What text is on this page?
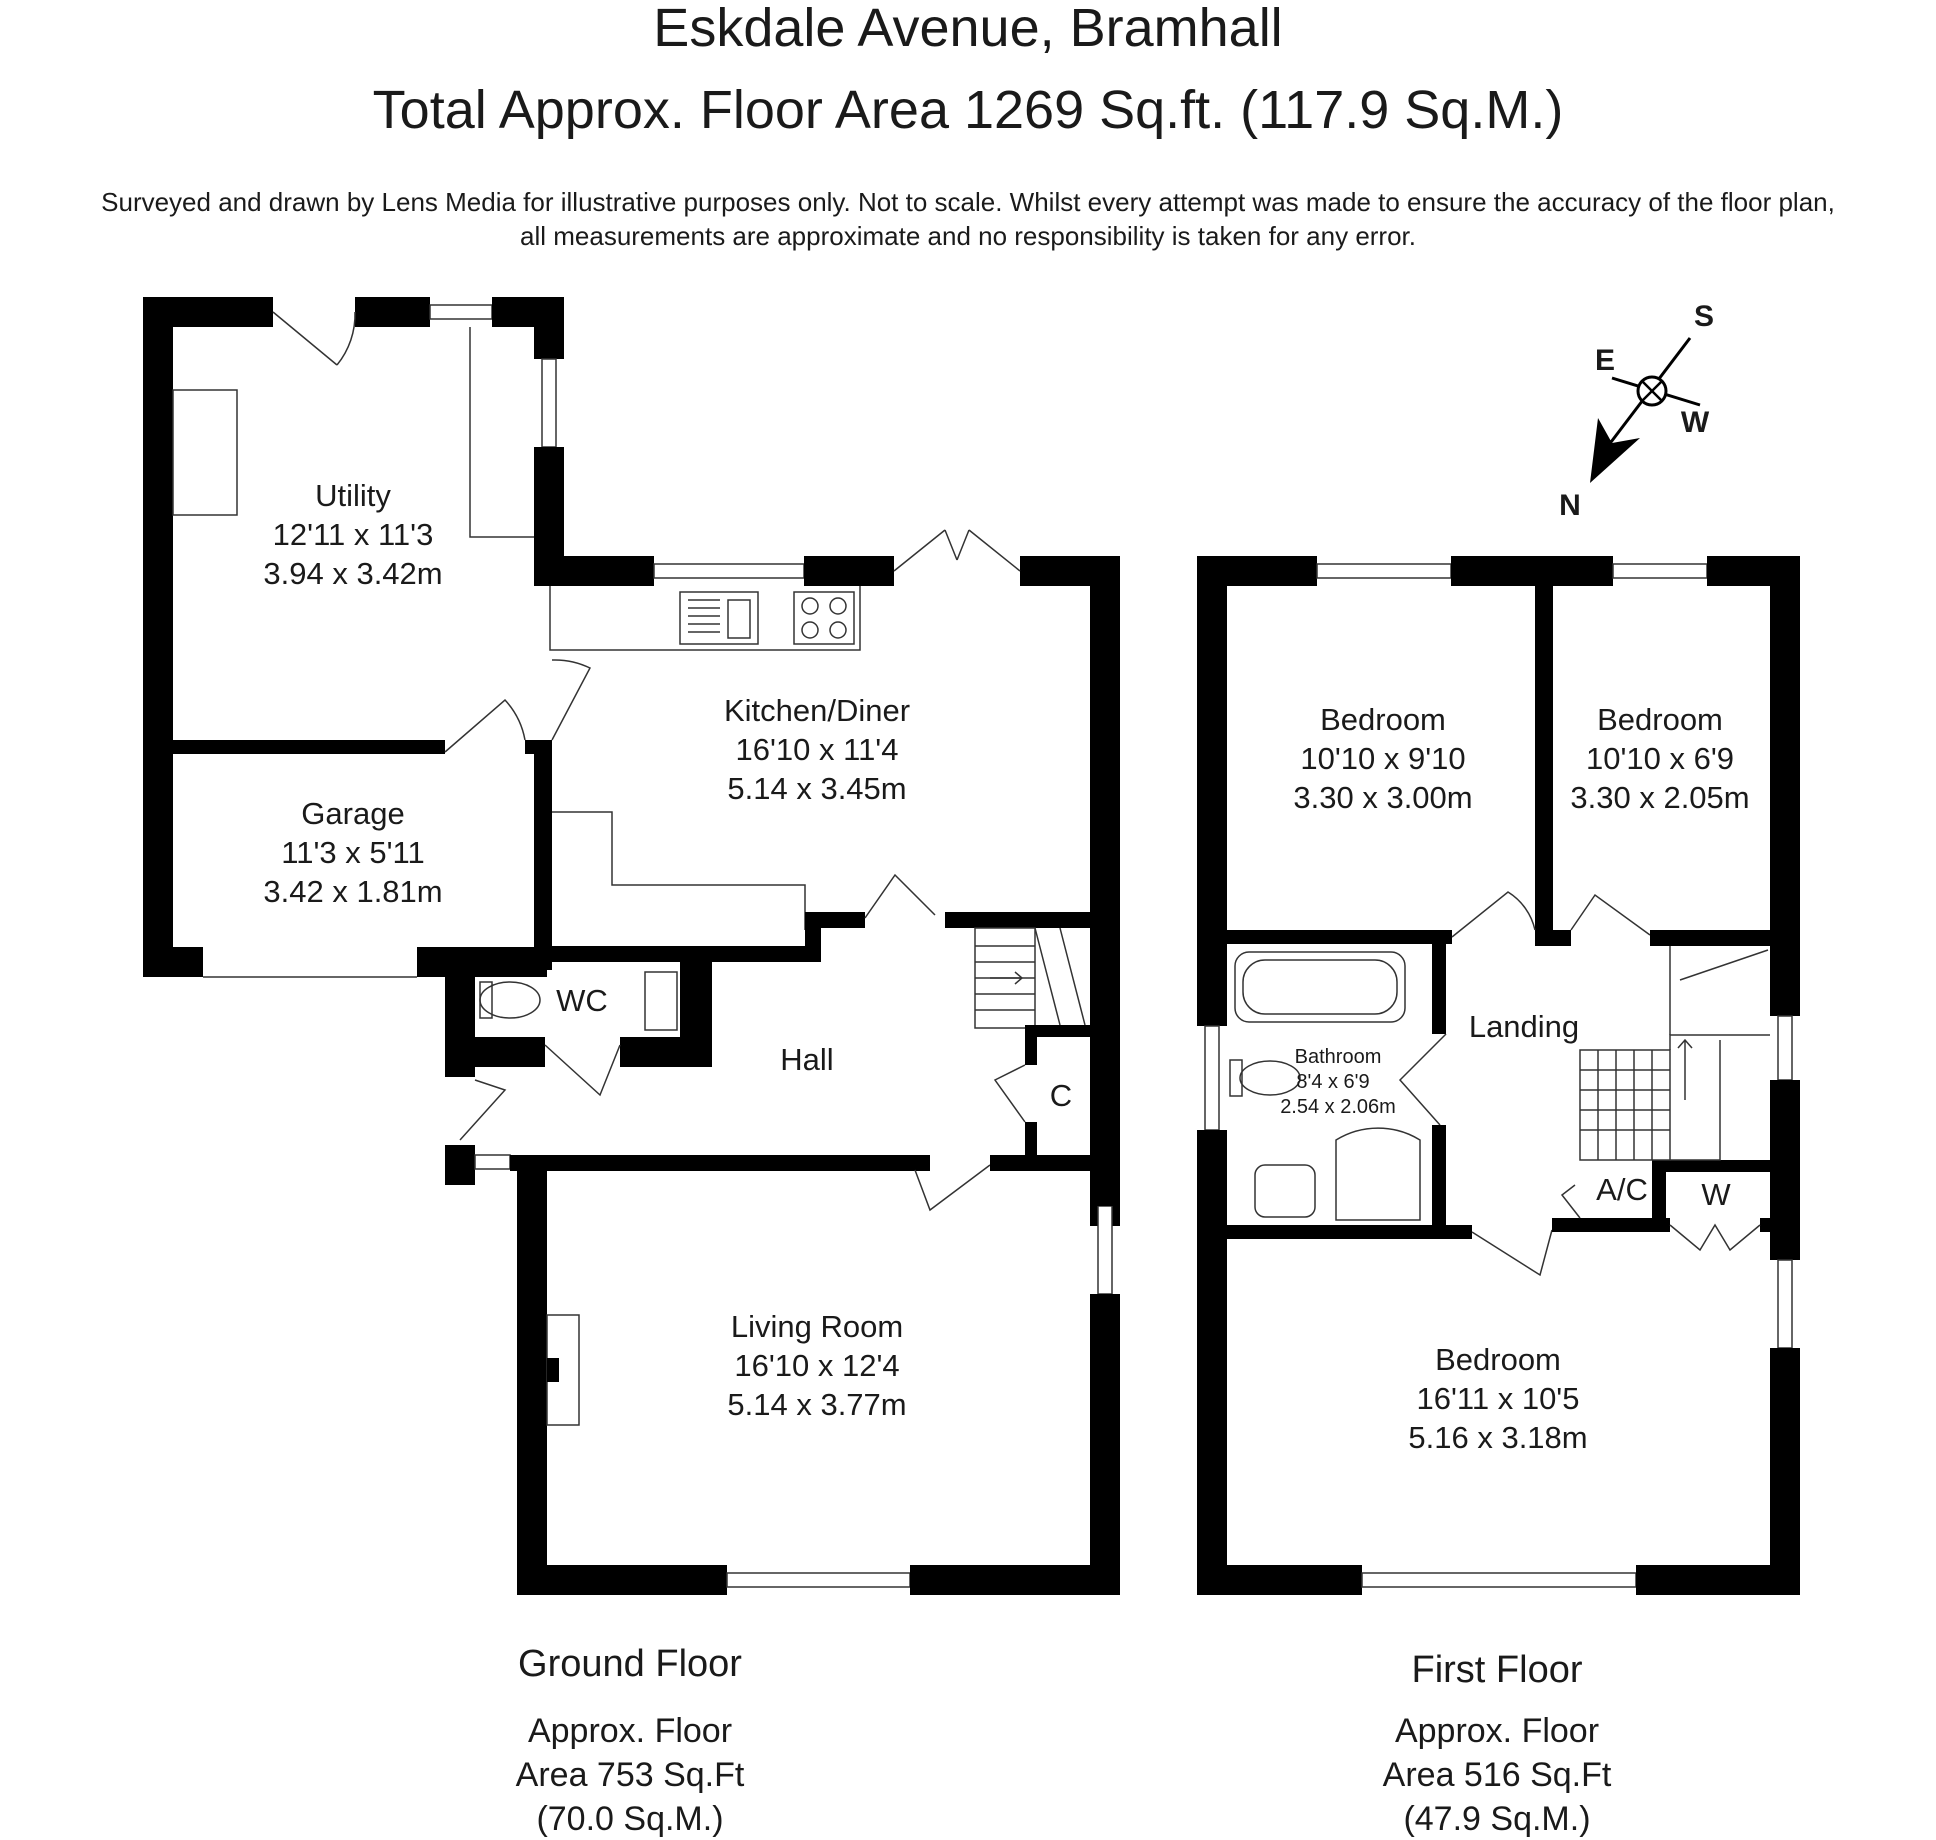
Eskdale Avenue, Bramhall
Total Approx. Floor Area 1269 Sq.ft. (117.9 Sq.M.)
Surveyed and drawn by Lens Media for illustrative purposes only. Not to scale. Whilst every attempt was made to ensure the accuracy of the floor plan,
all measurements are approximate and no responsibility is taken for any error.
Utility
12'11 x 11'3
3.94 x 3.42m
Kitchen/Diner
16'10 x 11'4
5.14 x 3.45m
Garage
11'3 x 5'11
3.42 x 1.81m
WC
Hall
C
Living Room
16'10 x 12'4
5.14 x 3.77m
Ground Floor
Approx. Floor
Area 753 Sq.Ft
(70.0 Sq.M.)
Bedroom
10'10 x 9'10
3.30 x 3.00m
Bedroom
10'10 x 6'9
3.30 x 2.05m
Landing
Bathroom
8'4 x 6'9
2.54 x 2.06m
A/C W
Bedroom
16'11 x 10'5
5.16 x 3.18m
First Floor
Approx. Floor
Area 516 Sq.Ft
(47.9 Sq.M.)
S
E
W
N
